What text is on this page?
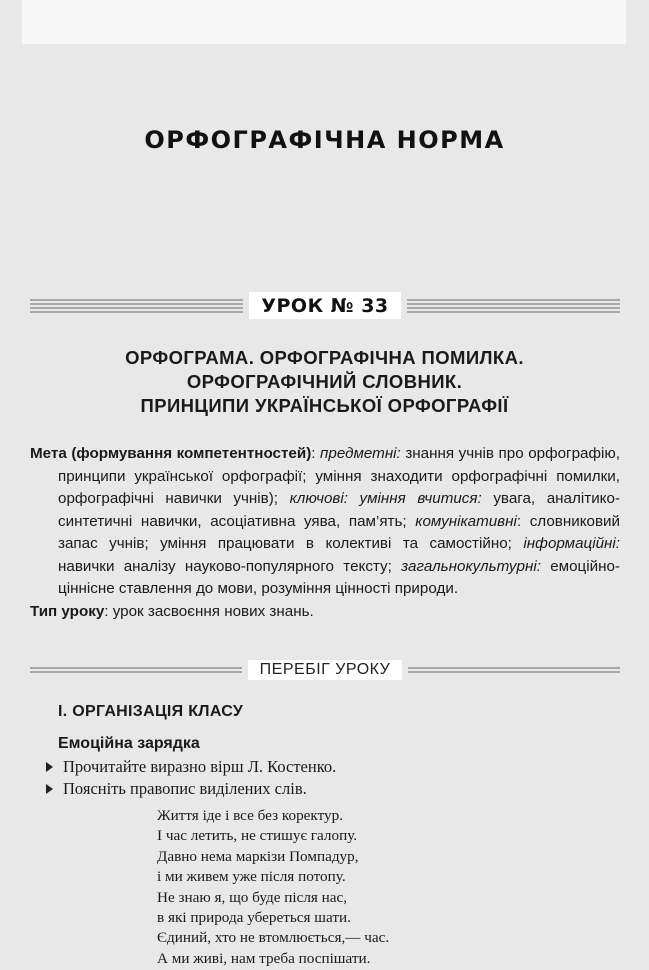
ОРФОГРАФІЧНА НОРМА
УРОК № 33
ОРФОГРАМА. ОРФОГРАФІЧНА ПОМИЛКА.
ОРФОГРАФІЧНИЙ СЛОВНИК.
ПРИНЦИПИ УКРАЇНСЬКОЇ ОРФОГРАФІЇ
Мета (формування компетентностей): предметні: знання учнів про орфографію, принципи української орфографії; уміння знаходити орфографічні помилки, орфографічні навички учнів); ключові: уміння вчитися: увага, аналітико-синтетичні навички, асоціативна уява, пам’ять; комунікативні: словниковий запас учнів; уміння працювати в колективі та самостійно; інформаційні: навички аналізу науково-популярного тексту; загальнокультурні: емоційно-ціннісне ставлення до мови, розуміння цінності природи.
Тип уроку: урок засвоєння нових знань.
ПЕРЕБІГ УРОКУ
І. ОРГАНІЗАЦІЯ КЛАСУ
Емоційна зарядка
Прочитайте виразно вірш Л. Костенко.
Поясніть правопис виділених слів.
Життя іде і все без коректур.
І час летить, не стишує галопу.
Давно нема маркізи Помпадур,
і ми живем уже після потопу.
Не знаю я, що буде після нас,
в які природа убереться шати.
Єдиний, хто не втомлюється,— час.
А ми живі, нам треба поспішати.
